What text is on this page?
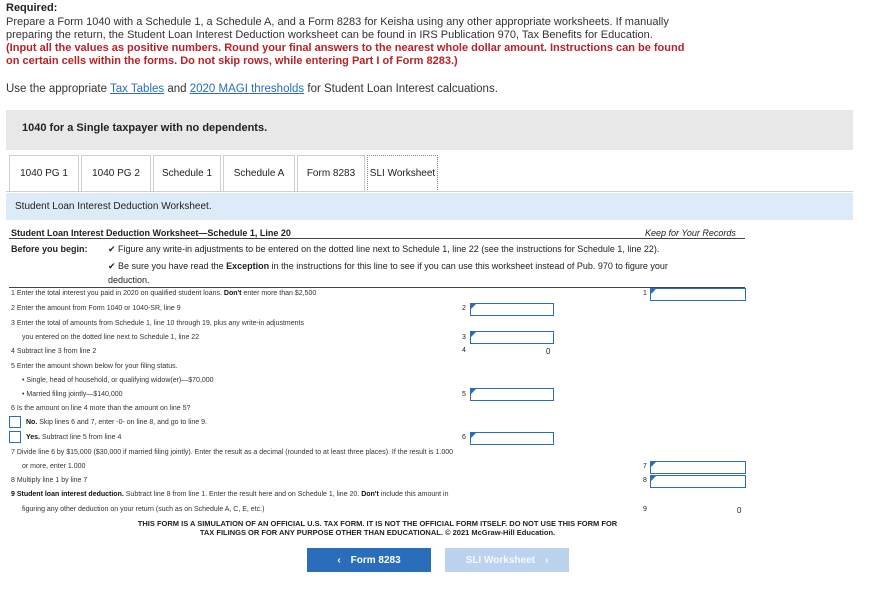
Required:
Prepare a Form 1040 with a Schedule 1, a Schedule A, and a Form 8283 for Keisha using any other appropriate worksheets. If manually
preparing the return, the Student Loan Interest Deduction worksheet can be found in IRS Publication 970, Tax Benefits for Education.
(Input all the values as positive numbers. Round your final answers to the nearest whole dollar amount. Instructions can be found
on certain cells within the forms. Do not skip rows, while entering Part I of Form 8283.)
Use the appropriate Tax Tables and 2020 MAGI thresholds for Student Loan Interest calcuations.
1040 for a Single taxpayer with no dependents.
1040 PG 1	1040 PG 2	Schedule 1	Schedule A	Form 8283	SLI Worksheet
Student Loan Interest Deduction Worksheet.
Student Loan Interest Deduction Worksheet—Schedule 1, Line 20	Keep for Your Records
Before you begin: ✔ Figure any write-in adjustments to be entered on the dotted line next to Schedule 1, line 22 (see the instructions for Schedule 1, line 22).
✔ Be sure you have read the Exception in the instructions for this line to see if you can use this worksheet instead of Pub. 970 to figure your
deduction.
1 Enter the total interest you paid in 2020 on qualified student loans. Don't enter more than $2,500	1
2 Enter the amount from Form 1040 or 1040-SR, line 9	2
3 Enter the total of amounts from Schedule 1, line 10 through 19, plus any write-in adjustments
you entered on the dotted line next to Schedule 1, line 22	3
4 Subtract line 3 from line 2	4	0
5 Enter the amount shown below for your filing status.
• Single, head of household, or qualifying widow(er)—$70,000
• Married filing jointly—$140,000	5
6 Is the amount on line 4 more than the amount on line 5?
No. Skip lines 6 and 7, enter -0- on line 8, and go to line 9.
Yes. Subtract line 5 from line 4	6
7 Divide line 6 by $15,000 ($30,000 if married filing jointly). Enter the result as a decimal (rounded to at least three places). If the result is 1.000
or more, enter 1.000	7
8 Multiply line 1 by line 7	8
9 Student loan interest deduction. Subtract line 8 from line 1. Enter the result here and on Schedule 1, line 20. Don't include this amount in
figuring any other deduction on your return (such as on Schedule A, C, E, etc.)	9	0
THIS FORM IS A SIMULATION OF AN OFFICIAL U.S. TAX FORM. IT IS NOT THE OFFICIAL FORM ITSELF. DO NOT USE THIS FORM FOR
TAX FILINGS OR FOR ANY PURPOSE OTHER THAN EDUCATIONAL. © 2021 McGraw-Hill Education.
‹ Form 8283	SLI Worksheet ›
